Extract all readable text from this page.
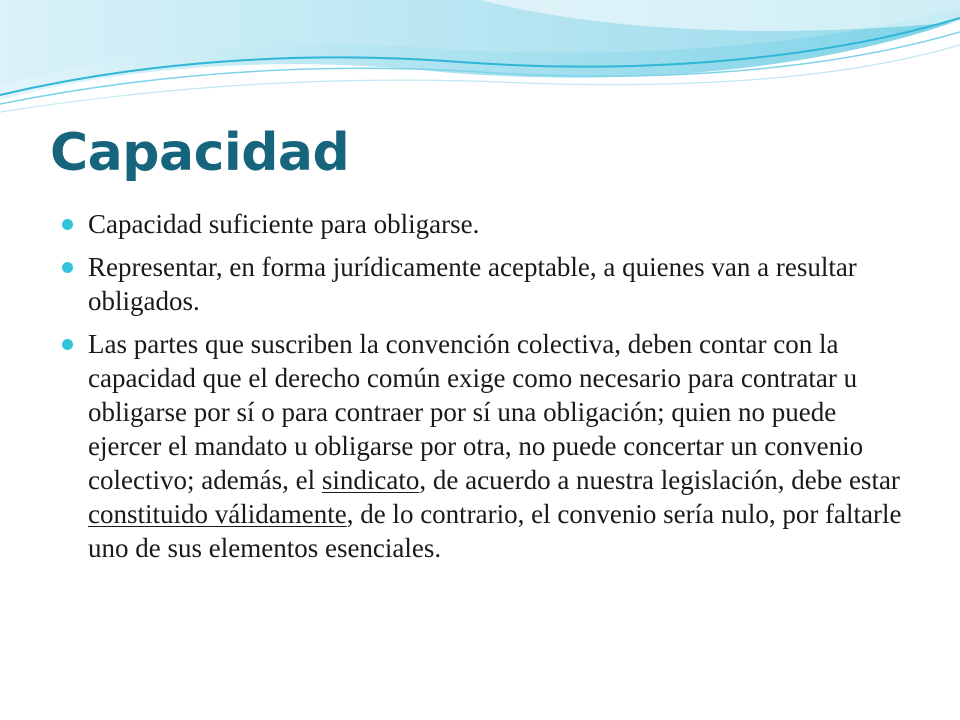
Capacidad
Capacidad suficiente para obligarse.
Representar, en forma jurídicamente aceptable, a quienes van a resultar obligados.
Las partes que suscriben la convención colectiva, deben contar con la capacidad que el derecho común exige como necesario para contratar u obligarse por sí o para contraer por sí una obligación; quien no puede ejercer el mandato u obligarse por otra, no puede concertar un convenio colectivo; además, el sindicato, de acuerdo a nuestra legislación, debe estar constituido válidamente, de lo contrario, el convenio sería nulo, por faltarle uno de sus elementos esenciales.
